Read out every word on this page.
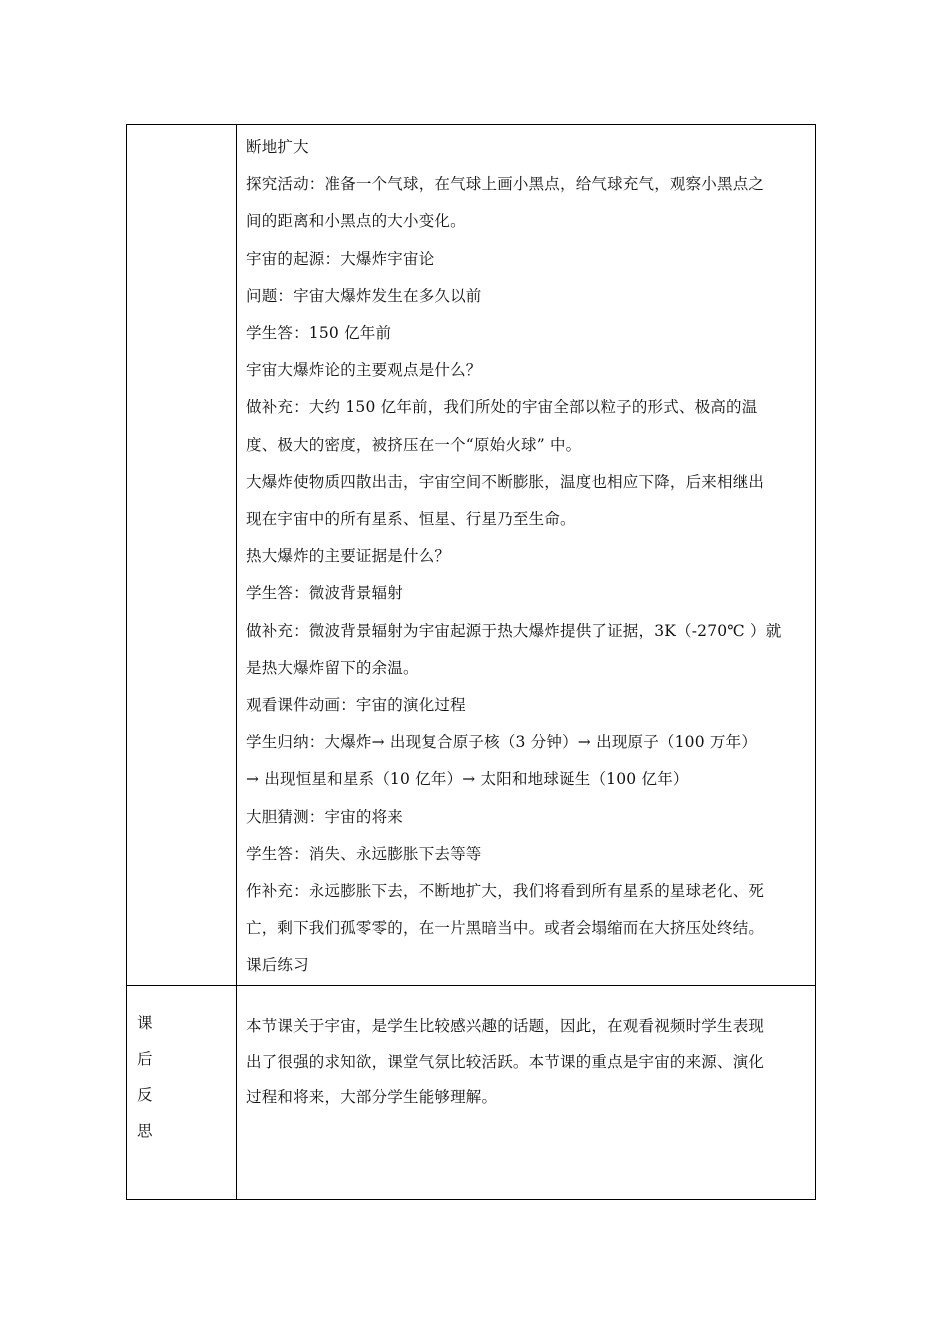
断地扩大
探究活动：准备一个气球，在气球上画小黑点，给气球充气，观察小黑点之
间的距离和小黑点的大小变化。
宇宙的起源：大爆炸宇宙论
问题：宇宙大爆炸发生在多久以前
学生答：150 亿年前
宇宙大爆炸论的主要观点是什么？
做补充：大约 150 亿年前，我们所处的宇宙全部以粒子的形式、极高的温
度、极大的密度，被挤压在一个“原始火球” 中。
大爆炸使物质四散出击，宇宙空间不断膨胀，温度也相应下降，后来相继出
现在宇宙中的所有星系、恒星、行星乃至生命。
热大爆炸的主要证据是什么？
学生答：微波背景辐射
做补充：微波背景辐射为宇宙起源于热大爆炸提供了证据，3K（-270℃ ）就
是热大爆炸留下的余温。
观看课件动画：宇宙的演化过程
学生归纳：大爆炸→ 出现复合原子核（3 分钟）→ 出现原子（100 万年）
→ 出现恒星和星系（10 亿年）→ 太阳和地球诞生（100 亿年）
大胆猜测：宇宙的将来
学生答：消失、永远膨胀下去等等
作补充：永远膨胀下去，不断地扩大，我们将看到所有星系的星球老化、死
亡，剩下我们孤零零的，在一片黑暗当中。或者会塌缩而在大挤压处终结。
课后练习
课
后
反
思
本节课关于宇宙，是学生比较感兴趣的话题，因此，在观看视频时学生表现
出了很强的求知欲，课堂气氛比较活跃。本节课的重点是宇宙的来源、演化
过程和将来，大部分学生能够理解。
